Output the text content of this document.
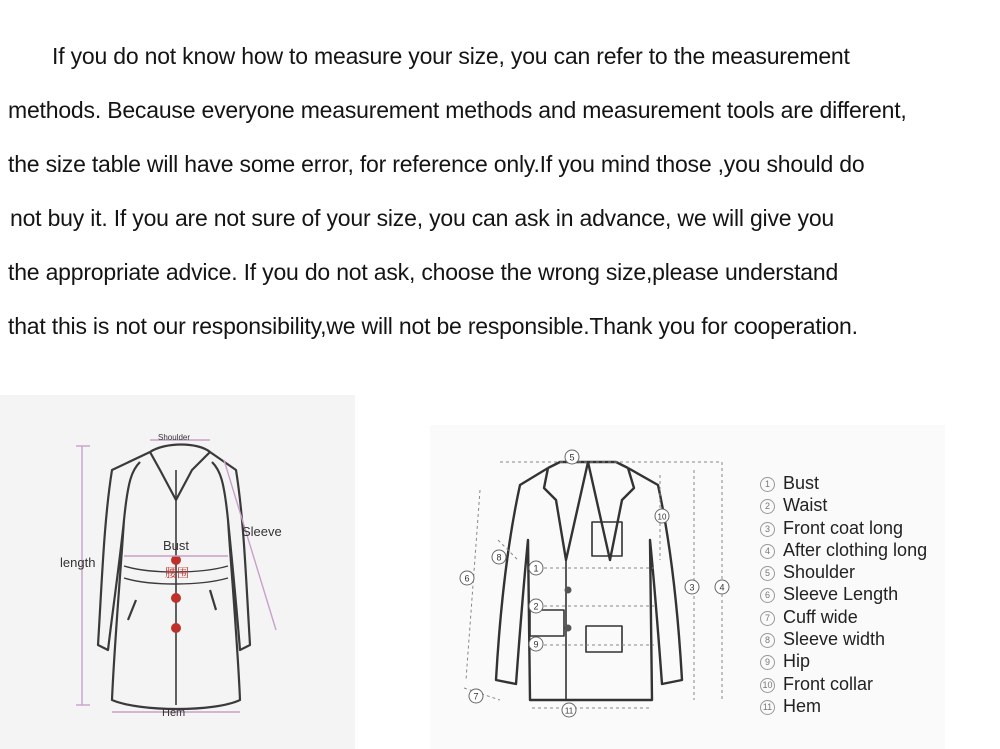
If you do not know how to measure your size, you can refer to the measurement
methods. Because everyone measurement methods and measurement tools are different,
the size table will have some error, for reference only.If you mind those ,you should do
not buy it. If you are not sure of your size, you can ask in advance, we will give you
the appropriate advice. If you do not ask, choose the wrong size,please understand
that this is not our responsibility,we will not be responsible.Thank you for cooperation.
Shoulder
Sleeve
Bust
腰围
length
Hem
5
10
8
1
6
3	4
2
9
7
11
1 Bust
2 Waist
3 Front coat long
4 After clothing long
5 Shoulder
6 Sleeve Length
7 Cuff wide
8 Sleeve width
9 Hip
10 Front collar
11 Hem
